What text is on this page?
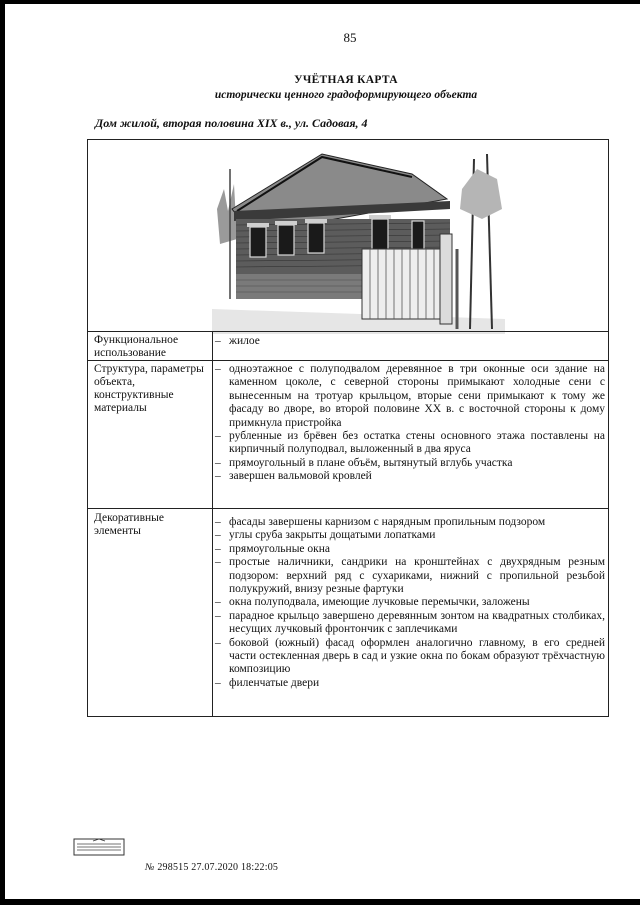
85
УЧЁТНАЯ КАРТА
исторически ценного градоформирующего объекта
Дом жилой, вторая половина XIX в., ул. Садовая, 4
Функциональное использование
– жилое
Структура, параметры объекта, конструктивные материалы
– одноэтажное с полуподвалом деревянное в три оконные оси здание на каменном цоколе, с северной стороны примыкают холодные сени с вынесенным на тротуар крыльцом, вторые сени примыкают к тому же фасаду во дворе, во второй половине XX в. с восточной стороны к дому примкнула пристройка
– рубленные из брёвен без остатка стены основного этажа поставлены на кирпичный полуподвал, выложенный в два яруса
– прямоугольный в плане объём, вытянутый вглубь участка
– завершен вальмовой кровлей
Декоративные элементы
– фасады завершены карнизом с нарядным пропильным подзором
– углы сруба закрыты дощатыми лопатками
– прямоугольные окна
– простые наличники, сандрики на кронштейнах с двухрядным резным подзором: верхний ряд с сухариками, нижний с пропильной резьбой полукружий, внизу резные фартуки
– окна полуподвала, имеющие лучковые перемычки, заложены
– парадное крыльцо завершено деревянным зонтом на квадратных столбиках, несущих лучковый фронтончик с заплечиками
– боковой (южный) фасад оформлен аналогично главному, в его средней части остекленная дверь в сад и узкие окна по бокам образуют трёхчастную композицию
– филенчатые двери
№ 298515 27.07.2020 18:22:05
